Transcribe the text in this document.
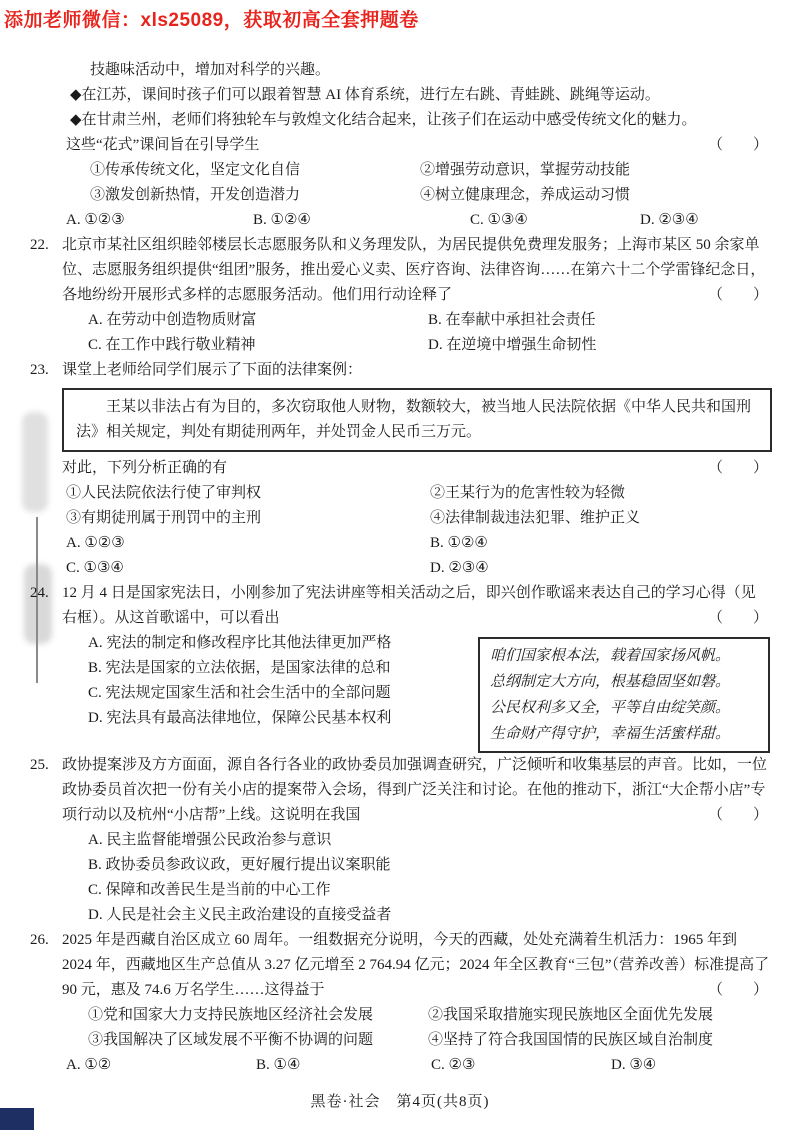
添加老师微信：xls25089，获取初高全套押题卷
技趣味活动中，增加对科学的兴趣。
◆在江苏，课间时孩子们可以跟着智慧 AI 体育系统，进行左右跳、青蛙跳、跳绳等运动。
◆在甘肃兰州，老师们将独轮车与敦煌文化结合起来，让孩子们在运动中感受传统文化的魅力。
这些“花式”课间旨在引导学生	（　　）
①传承传统文化，坚定文化自信	②增强劳动意识，掌握劳动技能
③激发创新热情，开发创造潜力	④树立健康理念，养成运动习惯
A. ①②③	B. ①②④	C. ①③④	D. ②③④
22. 北京市某社区组织睦邻楼层长志愿服务队和义务理发队，为居民提供免费理发服务；上海市某区 50 余家单位、志愿服务组织提供“组团”服务，推出爱心义卖、医疗咨询、法律咨询……在第六十二个学雷锋纪念日，各地纷纷开展形式多样的志愿服务活动。他们用行动诠释了	（　　）
A. 在劳动中创造物质财富	B. 在奉献中承担社会责任
C. 在工作中践行敬业精神	D. 在逆境中增强生命韧性
23. 课堂上老师给同学们展示了下面的法律案例：
王某以非法占有为目的，多次窃取他人财物，数额较大，被当地人民法院依据《中华人民共和国刑法》相关规定，判处有期徒刑两年，并处罚金人民币三万元。
对此，下列分析正确的有	（　　）
①人民法院依法行使了审判权	②王某行为的危害性较为轻微
③有期徒刑属于刑罚中的主刑	④法律制裁违法犯罪、维护正义
A. ①②③	B. ①②④
C. ①③④	D. ②③④
24. 12 月 4 日是国家宪法日，小刚参加了宪法讲座等相关活动之后，即兴创作歌谣来表达自己的学习心得（见右框）。从这首歌谣中，可以看出	（　　）
A. 宪法的制定和修改程序比其他法律更加严格
B. 宪法是国家的立法依据，是国家法律的总和
C. 宪法规定国家生活和社会生活中的全部问题
D. 宪法具有最高法律地位，保障公民基本权利
咱们国家根本法，载着国家扬风帆。
总纲制定大方向，根基稳固坚如磐。
公民权利多又全，平等自由绽笑颜。
生命财产得守护，幸福生活蜜样甜。
25. 政协提案涉及方方面面，源自各行各业的政协委员加强调查研究，广泛倾听和收集基层的声音。比如，一位政协委员首次把一份有关小店的提案带入会场，得到广泛关注和讨论。在他的推动下，浙江“大企帮小店”专项行动以及杭州“小店帮”上线。这说明在我国	（　　）
A. 民主监督能增强公民政治参与意识
B. 政协委员参政议政，更好履行提出议案职能
C. 保障和改善民生是当前的中心工作
D. 人民是社会主义民主政治建设的直接受益者
26. 2025 年是西藏自治区成立 60 周年。一组数据充分说明，今天的西藏，处处充满着生机活力：1965 年到 2024 年，西藏地区生产总值从 3.27 亿元增至 2 764.94 亿元；2024 年全区教育“三包”（营养改善）标准提高了 90 元，惠及 74.6 万名学生……这得益于	（　　）
①党和国家大力支持民族地区经济社会发展	②我国采取措施实现民族地区全面优先发展
③我国解决了区域发展不平衡不协调的问题	④坚持了符合我国国情的民族区域自治制度
A. ①②	B. ①④	C. ②③	D. ③④
黑卷·社会　第4页(共8页)
